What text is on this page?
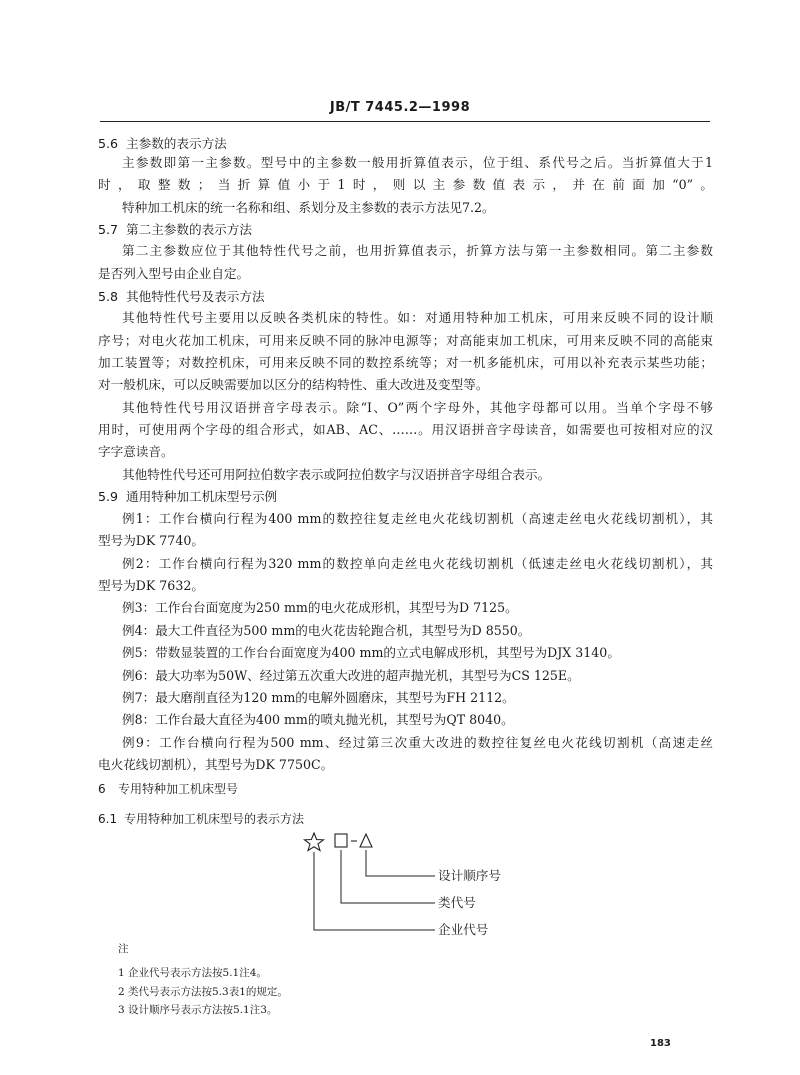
JB/T 7445.2—1998
5.6 主参数的表示方法
主参数即第一主参数。型号中的主参数一般用折算值表示，位于组、系代号之后。当折算值大于1
时，取整数；当折算值小于1时，则以主参数值表示，并在前面加“0”。
特种加工机床的统一名称和组、系划分及主参数的表示方法见7.2。
5.7 第二主参数的表示方法
第二主参数应位于其他特性代号之前，也用折算值表示，折算方法与第一主参数相同。第二主参数
是否列入型号由企业自定。
5.8 其他特性代号及表示方法
其他特性代号主要用以反映各类机床的特性。如：对通用特种加工机床，可用来反映不同的设计顺
序号；对电火花加工机床，可用来反映不同的脉冲电源等；对高能束加工机床，可用来反映不同的高能束
加工装置等；对数控机床，可用来反映不同的数控系统等；对一机多能机床，可用以补充表示某些功能；
对一般机床，可以反映需要加以区分的结构特性、重大改进及变型等。
其他特性代号用汉语拼音字母表示。除“I、O”两个字母外，其他字母都可以用。当单个字母不够
用时，可使用两个字母的组合形式，如AB、AC、……。用汉语拼音字母读音，如需要也可按相对应的汉
字字意读音。
其他特性代号还可用阿拉伯数字表示或阿拉伯数字与汉语拼音字母组合表示。
5.9 通用特种加工机床型号示例
例1：工作台横向行程为400 mm的数控往复走丝电火花线切割机（高速走丝电火花线切割机），其
型号为DK 7740。
例2：工作台横向行程为320 mm的数控单向走丝电火花线切割机（低速走丝电火花线切割机），其
型号为DK 7632。
例3：工作台台面宽度为250 mm的电火花成形机，其型号为D 7125。
例4：最大工件直径为500 mm的电火花齿轮跑合机，其型号为D 8550。
例5：带数显装置的工作台台面宽度为400 mm的立式电解成形机，其型号为DJX 3140。
例6：最大功率为50W、经过第五次重大改进的超声抛光机，其型号为CS 125E。
例7：最大磨削直径为120 mm的电解外圆磨床，其型号为FH 2112。
例8：工作台最大直径为400 mm的喷丸抛光机，其型号为QT 8040。
例9：工作台横向行程为500 mm、经过第三次重大改进的数控往复丝电火花线切割机（高速走丝
电火花线切割机），其型号为DK 7750C。
6 专用特种加工机床型号
6.1 专用特种加工机床型号的表示方法
设计顺序号
类代号
企业代号
注
1 企业代号表示方法按5.1注4。
2 类代号表示方法按5.3表1的规定。
3 设计顺序号表示方法按5.1注3。
183
